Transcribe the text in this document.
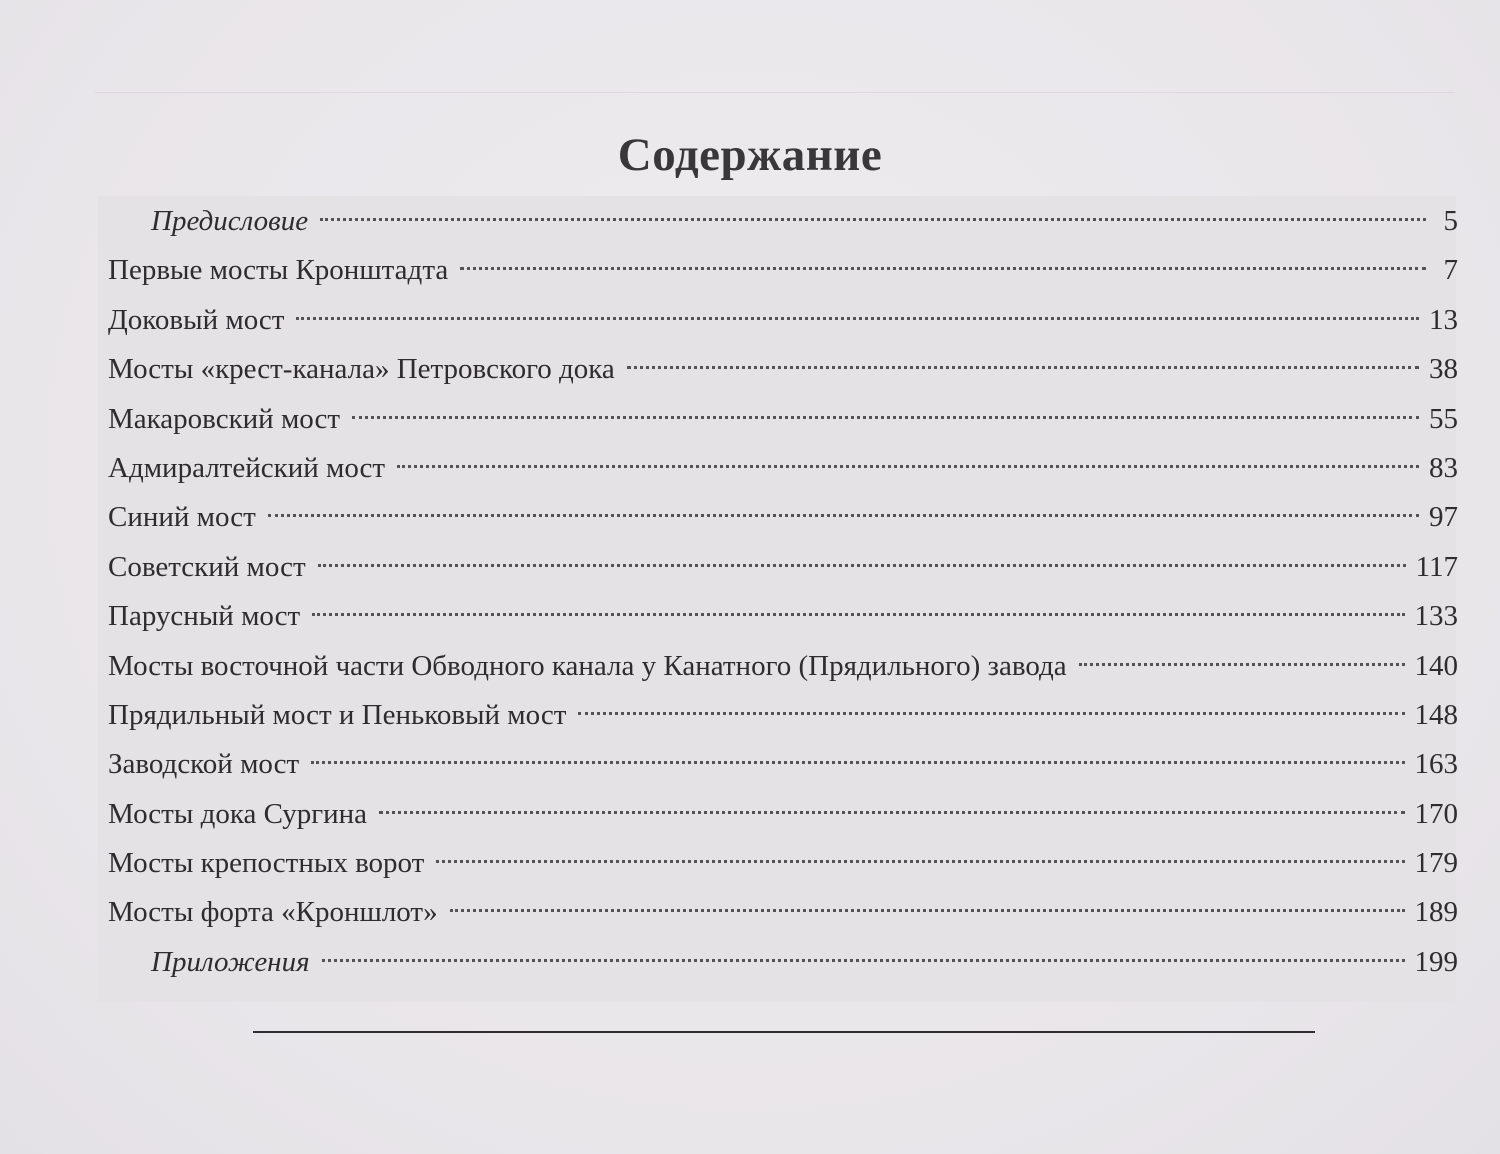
Содержание
Предисловие	5
Первые мосты Кронштадта	7
Доковый мост	13
Мосты «крест-канала» Петровского дока	38
Макаровский мост	55
Адмиралтейский мост	83
Синий мост	97
Советский мост	117
Парусный мост	133
Мосты восточной части Обводного канала у Канатного (Прядильного) завода	140
Прядильный мост и Пеньковый мост	148
Заводской мост	163
Мосты дока Сургина	170
Мосты крепостных ворот	179
Мосты форта «Кроншлот»	189
Приложения	199
